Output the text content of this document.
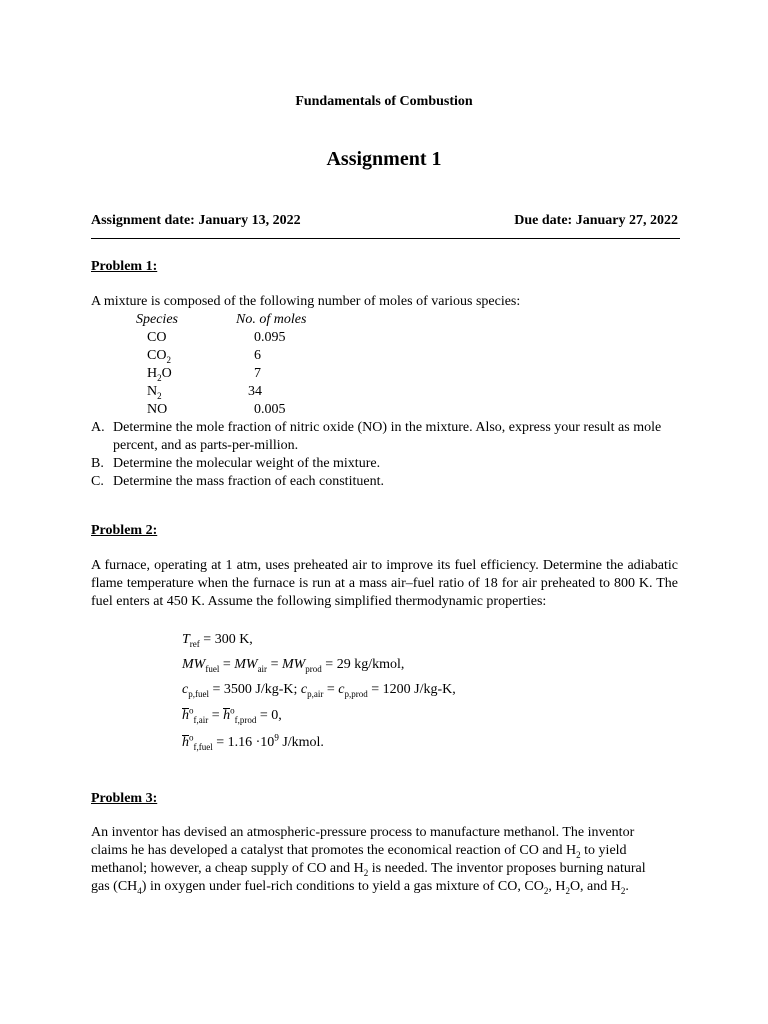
Fundamentals of Combustion
Assignment 1
Assignment date: January 13, 2022	Due date: January 27, 2022
Problem 1:
A mixture is composed of the following number of moles of various species:
Species	No. of moles
CO	0.095
$CO_2$	6
$H_2O$	7
$N_2$	34
NO	0.005
A. Determine the mole fraction of nitric oxide (NO) in the mixture. Also, express your result as mole percent, and as parts-per-million.
B. Determine the molecular weight of the mixture.
C. Determine the mass fraction of each constituent.
Problem 2:
A furnace, operating at 1 atm, uses preheated air to improve its fuel efficiency. Determine the adiabatic flame temperature when the furnace is run at a mass air–fuel ratio of 18 for air preheated to 800 K. The fuel enters at 450 K. Assume the following simplified thermodynamic properties:
$T_{ref} = 300$ K,
$MW_{fuel} = MW_{air} = MW_{prod} = 29$ kg/kmol,
$c_{p,fuel} = 3500$ J/kg-K; $c_{p,air} = c_{p,prod} = 1200$ J/kg-K,
$h^o_{f,air} = h^o_{f,prod} = 0$,
$h^o_{f,fuel} = 1.16 \cdot 10^9$ J/kmol.
Problem 3:
An inventor has devised an atmospheric-pressure process to manufacture methanol. The inventor
claims he has developed a catalyst that promotes the economical reaction of CO and $H_2$ to yield
methanol; however, a cheap supply of CO and $H_2$ is needed. The inventor proposes burning natural
gas $(CH_4)$ in oxygen under fuel-rich conditions to yield a gas mixture of CO, $CO_2$, $H_2O$, and $H_2$.
